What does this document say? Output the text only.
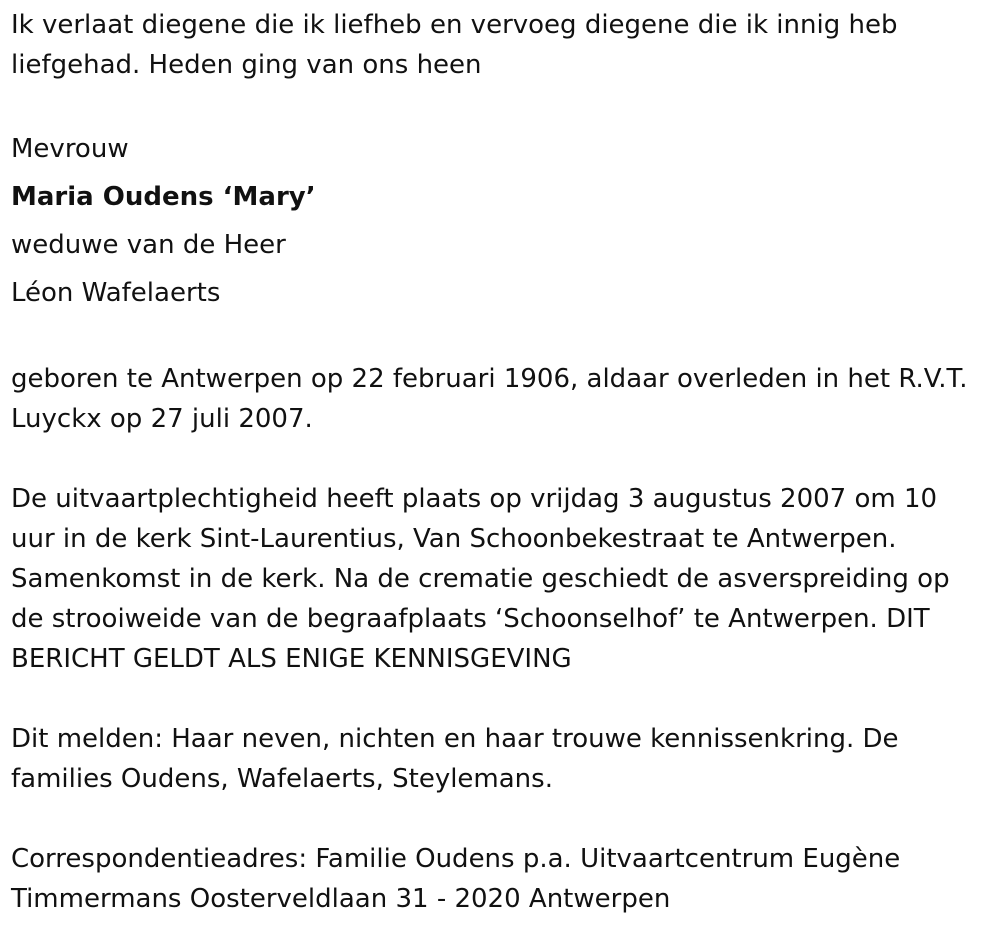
Ik verlaat diegene die ik liefheb en vervoeg diegene die ik innig heb
liefgehad. Heden ging van ons heen
Mevrouw
Maria Oudens ‘Mary’
weduwe van de Heer
Léon Wafelaerts
geboren te Antwerpen op 22 februari 1906, aldaar overleden in het R.V.T.
Luyckx op 27 juli 2007.
De uitvaartplechtigheid heeft plaats op vrijdag 3 augustus 2007 om 10
uur in de kerk Sint-Laurentius, Van Schoonbekestraat te Antwerpen.
Samenkomst in de kerk. Na de crematie geschiedt de asverspreiding op
de strooiweide van de begraafplaats ‘Schoonselhof’ te Antwerpen. DIT
BERICHT GELDT ALS ENIGE KENNISGEVING
Dit melden: Haar neven, nichten en haar trouwe kennissenkring. De
families Oudens, Wafelaerts, Steylemans.
Correspondentieadres: Familie Oudens p.a. Uitvaartcentrum Eugène
Timmermans Oosterveldlaan 31 - 2020 Antwerpen
